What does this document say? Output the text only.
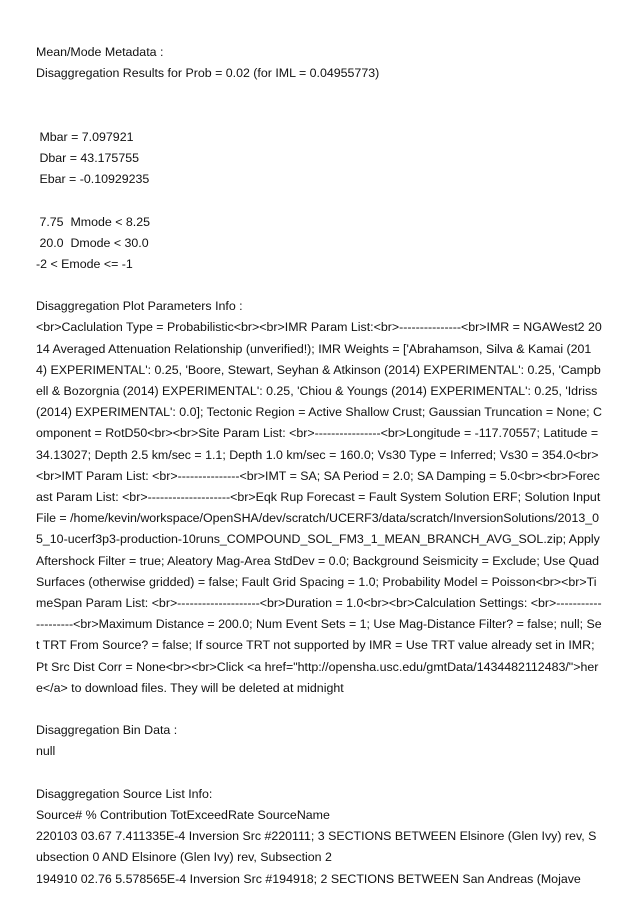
Mean/Mode Metadata :
Disaggregation Results for Prob = 0.02 (for IML = 0.04955773)
Mbar = 7.097921
Dbar = 43.175755
Ebar = -0.10929235
7.75  Mmode < 8.25
20.0  Dmode < 30.0
-2 < Emode <= -1
Disaggregation Plot Parameters Info :
<br>Caclulation Type = Probabilistic<br><br>IMR Param List:<br>---------------<br>IMR = NGAWest2 2014 Averaged Attenuation Relationship (unverified!); IMR Weights = ['Abrahamson, Silva & Kamai (2014) EXPERIMENTAL': 0.25, 'Boore, Stewart, Seyhan & Atkinson (2014) EXPERIMENTAL': 0.25, 'Campbell & Bozorgnia (2014) EXPERIMENTAL': 0.25, 'Chiou & Youngs (2014) EXPERIMENTAL': 0.25, 'Idriss (2014) EXPERIMENTAL': 0.0]; Tectonic Region = Active Shallow Crust; Gaussian Truncation = None; Component = RotD50<br><br>Site Param List: <br>----------------<br>Longitude = -117.70557; Latitude = 34.13027; Depth 2.5 km/sec = 1.1; Depth 1.0 km/sec = 160.0; Vs30 Type = Inferred; Vs30 = 354.0<br><br>IMT Param List: <br>---------------<br>IMT = SA; SA Period = 2.0; SA Damping = 5.0<br><br>Forecast Param List: <br>--------------------<br>Eqk Rup Forecast = Fault System Solution ERF; Solution Input File = /home/kevin/workspace/OpenSHA/dev/scratch/UCERF3/data/scratch/InversionSolutions/2013_05_10-ucerf3p3-production-10runs_COMPOUND_SOL_FM3_1_MEAN_BRANCH_AVG_SOL.zip; Apply Aftershock Filter = true; Aleatory Mag-Area StdDev = 0.0; Background Seismicity = Exclude; Use Quad Surfaces (otherwise gridded) = false; Fault Grid Spacing = 1.0; Probability Model = Poisson<br><br>TimeSpan Param List: <br>--------------------<br>Duration = 1.0<br><br>Calculation Settings: <br>--------------------<br>Maximum Distance = 200.0; Num Event Sets = 1; Use Mag-Distance Filter? = false; null; Set TRT From Source? = false; If source TRT not supported by IMR = Use TRT value already set in IMR; Pt Src Dist Corr = None<br><br>Click <a href="http://opensha.usc.edu/gmtData/1434482112483/">here</a> to download files. They will be deleted at midnight
Disaggregation Bin Data :
null
Disaggregation Source List Info:
Source# % Contribution TotExceedRate SourceName
220103 03.67 7.411335E-4 Inversion Src #220111; 3 SECTIONS BETWEEN Elsinore (Glen Ivy) rev, Subsection 0 AND Elsinore (Glen Ivy) rev, Subsection 2
194910 02.76 5.578565E-4 Inversion Src #194918; 2 SECTIONS BETWEEN San Andreas (Mojave
